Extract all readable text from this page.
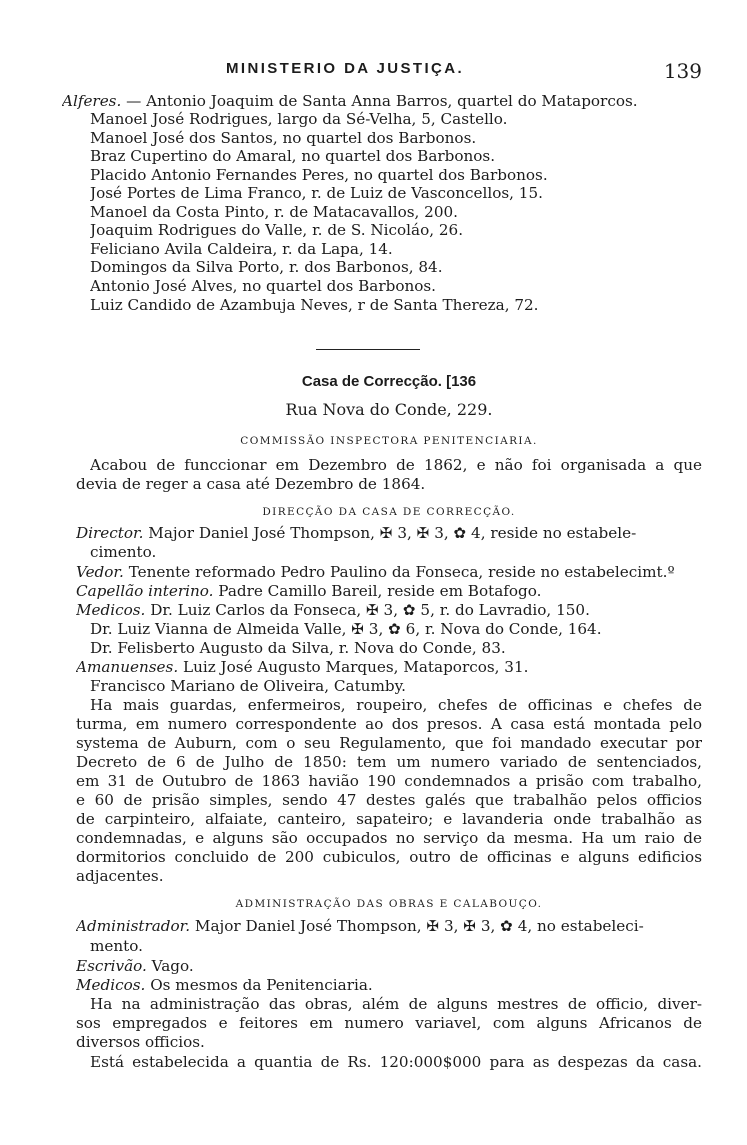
MINISTERIO DA JUSTIÇA.	139
Alferes. — Antonio Joaquim de Santa Anna Barros, quartel do Mataporcos.
Manoel José Rodrigues, largo da Sé-Velha, 5, Castello.
Manoel José dos Santos, no quartel dos Barbonos.
Braz Cupertino do Amaral, no quartel dos Barbonos.
Placido Antonio Fernandes Peres, no quartel dos Barbonos.
José Portes de Lima Franco, r. de Luiz de Vasconcellos, 15.
Manoel da Costa Pinto, r. de Matacavallos, 200.
Joaquim Rodrigues do Valle, r. de S. Nicoláo, 26.
Feliciano Avila Caldeira, r. da Lapa, 14.
Domingos da Silva Porto, r. dos Barbonos, 84.
Antonio José Alves, no quartel dos Barbonos.
Luiz Candido de Azambuja Neves, r de Santa Thereza, 72.
Casa de Correcção. [136
Rua Nova do Conde, 229.
COMMISSÃO INSPECTORA PENITENCIARIA.
Acabou de funccionar em Dezembro de 1862, e não foi organisada a que
devia de reger a casa até Dezembro de 1864.
DIRECÇÃO DA CASA DE CORRECÇÃO.
Director. Major Daniel José Thompson, ✠ 3, ✠ 3, ✿ 4, reside no estabele-
cimento.
Vedor. Tenente reformado Pedro Paulino da Fonseca, reside no estabelecimt.º
Capellão interino. Padre Camillo Bareil, reside em Botafogo.
Medicos. Dr. Luiz Carlos da Fonseca, ✠ 3, ✿ 5, r. do Lavradio, 150.
Dr. Luiz Vianna de Almeida Valle, ✠ 3, ✿ 6, r. Nova do Conde, 164.
Dr. Felisberto Augusto da Silva, r. Nova do Conde, 83.
Amanuenses. Luiz José Augusto Marques, Mataporcos, 31.
Francisco Mariano de Oliveira, Catumby.
Ha mais guardas, enfermeiros, roupeiro, chefes de officinas e chefes de
turma, em numero correspondente ao dos presos. A casa está montada pelo
systema de Auburn, com o seu Regulamento, que foi mandado executar por
Decreto de 6 de Julho de 1850: tem um numero variado de sentenciados,
em 31 de Outubro de 1863 havião 190 condemnados a prisão com trabalho,
e 60 de prisão simples, sendo 47 destes galés que trabalhão pelos officios
de carpinteiro, alfaiate, canteiro, sapateiro; e lavanderia onde trabalhão as
condemnadas, e alguns são occupados no serviço da mesma. Ha um raio de
dormitorios concluido de 200 cubiculos, outro de officinas e alguns edificios
adjacentes.
ADMINISTRAÇÃO DAS OBRAS E CALABOUÇO.
Administrador. Major Daniel José Thompson, ✠ 3, ✠ 3, ✿ 4, no estabeleci-
mento.
Escrivão. Vago.
Medicos. Os mesmos da Penitenciaria.
Ha na administração das obras, além de alguns mestres de officio, diver-
sos empregados e feitores em numero variavel, com alguns Africanos de
diversos officios.
Está estabelecida a quantia de Rs. 120:000$000 para as despezas da casa.
